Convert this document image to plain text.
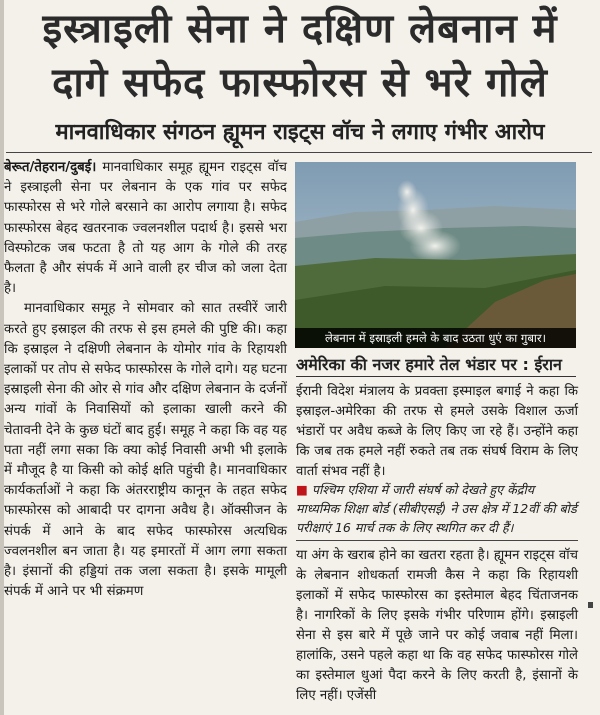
इस्त्राइली सेना ने दक्षिण लेबनान में
दागे सफेद फास्फोरस से भरे गोले
मानवाधिकार संगठन ह्यूमन राइट्स वॉच ने लगाए गंभीर आरोप

बेरूत/तेहरान/दुबई। मानवाधिकार समूह ह्यूमन राइट्स वॉच ने इस्त्राइली सेना पर लेबनान के एक गांव पर सफेद फास्फोरस से भरे गोले बरसाने का आरोप लगाया है। सफेद फास्फोरस बेहद खतरनाक ज्वलनशील पदार्थ है। इससे भरा विस्फोटक जब फटता है तो यह आग के गोले की तरह फैलता है और संपर्क में आने वाली हर चीज को जला देता है।

मानवाधिकार समूह ने सोमवार को सात तस्वीरें जारी करते हुए इस्राइल की तरफ से इस हमले की पुष्टि की। कहा कि इस्राइल ने दक्षिणी लेबनान के योमोर गांव के रिहायशी इलाकों पर तोप से सफेद फास्फोरस के गोले दागे। यह घटना इस्राइली सेना की ओर से गांव और दक्षिण लेबनान के दर्जनों अन्य गांवों के निवासियों को इलाका खाली करने की चेतावनी देने के कुछ घंटों बाद हुई। समूह ने कहा कि वह यह पता नहीं लगा सका कि क्या कोई निवासी अभी भी इलाके में मौजूद है या किसी को कोई क्षति पहुंची है। मानवाधिकार कार्यकर्ताओं ने कहा कि अंतरराष्ट्रीय कानून के तहत सफेद फास्फोरस को आबादी पर दागना अवैध है। ऑक्सीजन के संपर्क में आने के बाद सफेद फास्फोरस अत्यधिक ज्वलनशील बन जाता है। यह इमारतों में आग लगा सकता है। इंसानों की हड्डियां तक जला सकता है। इसके मामूली संपर्क में आने पर भी संक्रमण

लेबनान में इस्राइली हमले के बाद उठता धुएं का गुबार।
अमेरिका की नजर हमारे तेल भंडार पर : ईरान

ईरानी विदेश मंत्रालय के प्रवक्ता इस्माइल बगाई ने कहा कि इस्राइल-अमेरिका की तरफ से हमले उसके विशाल ऊर्जा भंडारों पर अवैध कब्जे के लिए किए जा रहे हैं। उन्होंने कहा कि जब तक हमले नहीं रुकते तब तक संघर्ष विराम के लिए वार्ता संभव नहीं है।

■ पश्चिम एशिया में जारी संघर्ष को देखते हुए केंद्रीय माध्यमिक शिक्षा बोर्ड (सीबीएसई) ने उस क्षेत्र में 12वीं की बोर्ड परीक्षाएं 16 मार्च तक के लिए स्थगित कर दी हैं।

या अंग के खराब होने का खतरा रहता है। ह्यूमन राइट्स वॉच के लेबनान शोधकर्ता रामजी कैस ने कहा कि रिहायशी इलाकों में सफेद फास्फोरस का इस्तेमाल बेहद चिंताजनक है। नागरिकों के लिए इसके गंभीर परिणाम होंगे। इस्राइली सेना से इस बारे में पूछे जाने पर कोई जवाब नहीं मिला। हालांकि, उसने पहले कहा था कि वह सफेद फास्फोरस गोले का इस्तेमाल धुआं पैदा करने के लिए करती है, इंसानों के लिए नहीं। एजेंसी
